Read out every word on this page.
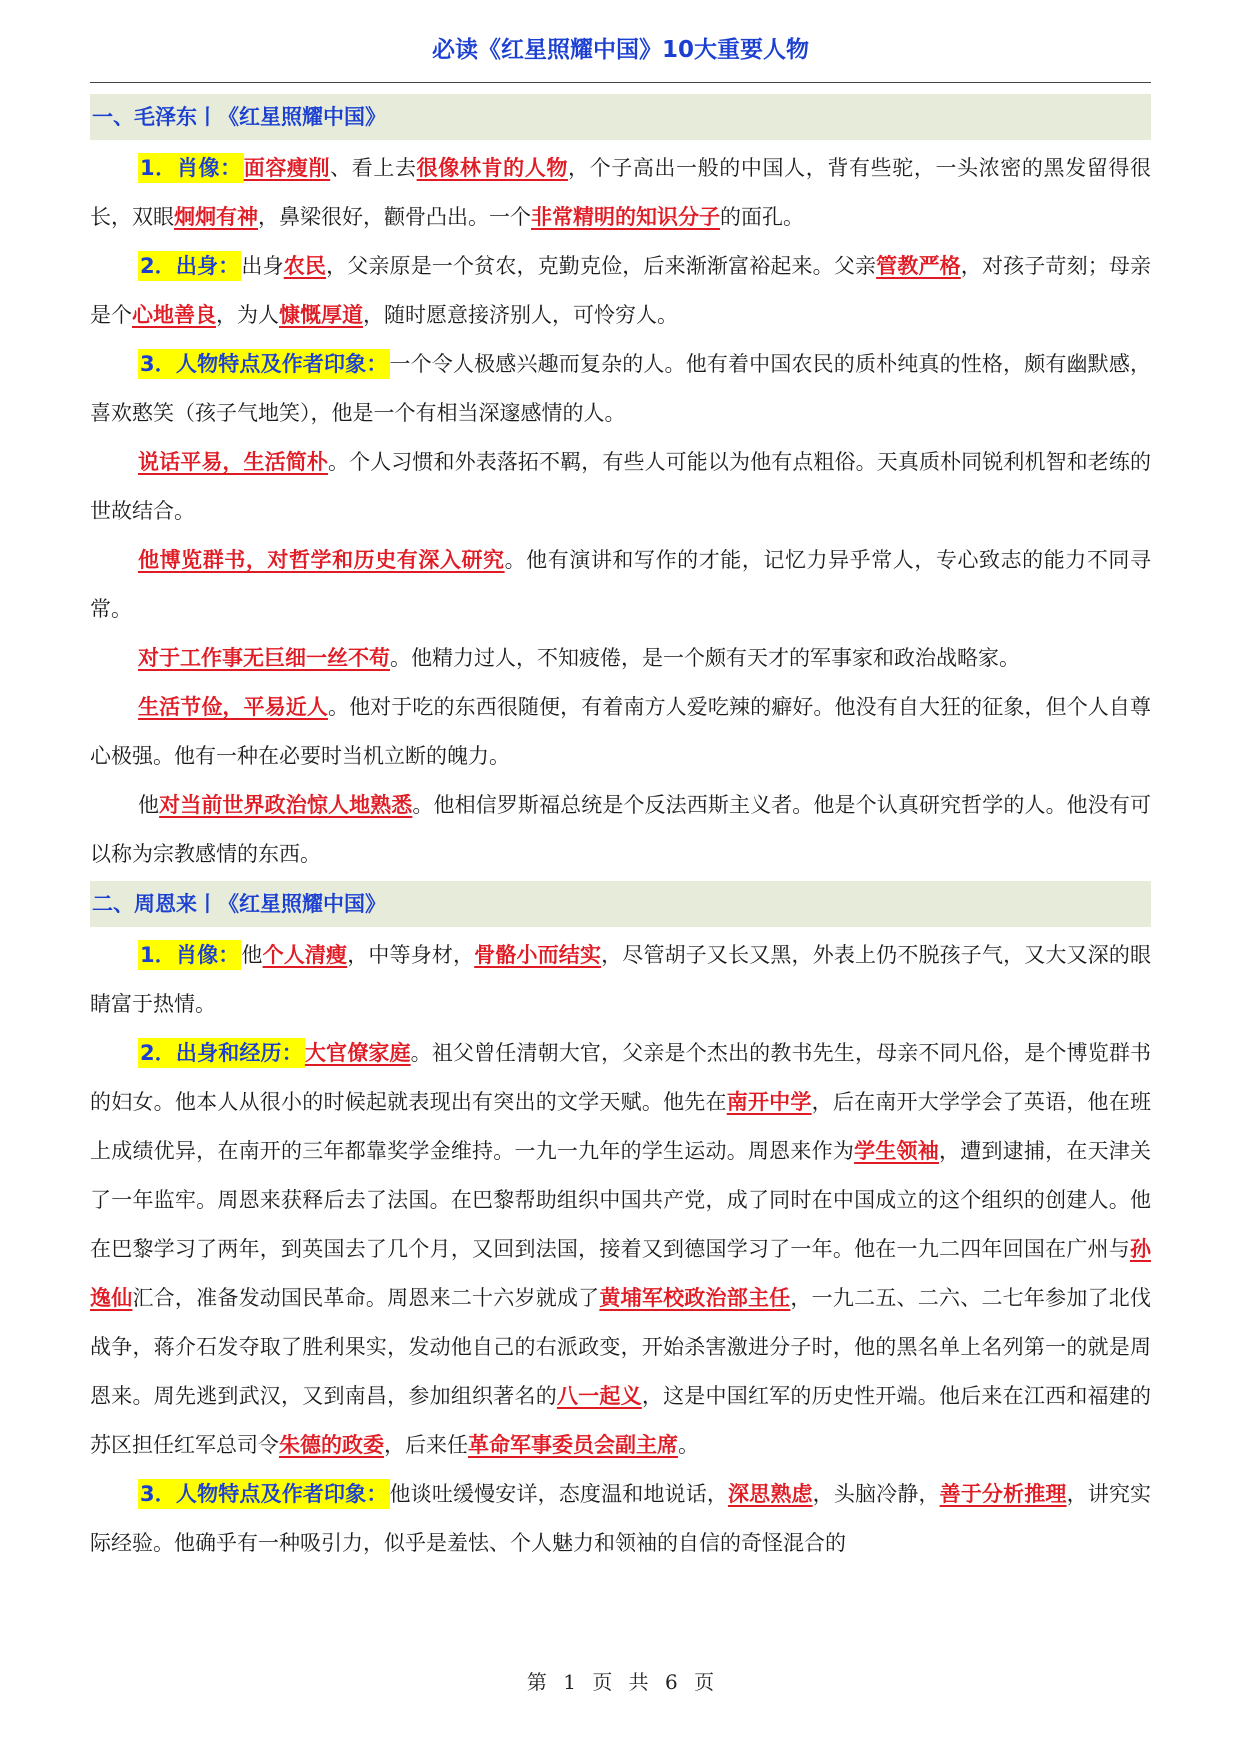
必读《红星照耀中国》10大重要人物
一、毛泽东丨《红星照耀中国》

1．肖像：面容瘦削、看上去很像林肯的人物，个子高出一般的中国人，背有些驼，一头浓密的黑发留得很长，双眼炯炯有神，鼻梁很好，颧骨凸出。一个非常精明的知识分子的面孔。

2．出身：出身农民，父亲原是一个贫农，克勤克俭，后来渐渐富裕起来。父亲管教严格，对孩子苛刻；母亲是个心地善良，为人慷慨厚道，随时愿意接济别人，可怜穷人。

3．人物特点及作者印象：一个令人极感兴趣而复杂的人。他有着中国农民的质朴纯真的性格，颇有幽默感，喜欢憨笑（孩子气地笑），他是一个有相当深邃感情的人。

说话平易，生活简朴。个人习惯和外表落拓不羁，有些人可能以为他有点粗俗。天真质朴同锐利机智和老练的世故结合。

他博览群书，对哲学和历史有深入研究。他有演讲和写作的才能，记忆力异乎常人，专心致志的能力不同寻常。

对于工作事无巨细一丝不苟。他精力过人，不知疲倦，是一个颇有天才的军事家和政治战略家。

生活节俭，平易近人。他对于吃的东西很随便，有着南方人爱吃辣的癖好。他没有自大狂的征象，但个人自尊心极强。他有一种在必要时当机立断的魄力。

他对当前世界政治惊人地熟悉。他相信罗斯福总统是个反法西斯主义者。他是个认真研究哲学的人。他没有可以称为宗教感情的东西。

二、周恩来丨《红星照耀中国》

1．肖像：他个人清瘦，中等身材，骨骼小而结实，尽管胡子又长又黑，外表上仍不脱孩子气，又大又深的眼睛富于热情。

2．出身和经历：大官僚家庭。祖父曾任清朝大官，父亲是个杰出的教书先生，母亲不同凡俗，是个博览群书的妇女。他本人从很小的时候起就表现出有突出的文学天赋。他先在南开中学，后在南开大学学会了英语，他在班上成绩优异，在南开的三年都靠奖学金维持。一九一九年的学生运动。周恩来作为学生领袖，遭到逮捕，在天津关了一年监牢。周恩来获释后去了法国。在巴黎帮助组织中国共产党，成了同时在中国成立的这个组织的创建人。他在巴黎学习了两年，到英国去了几个月，又回到法国，接着又到德国学习了一年。他在一九二四年回国在广州与孙逸仙汇合，准备发动国民革命。周恩来二十六岁就成了黄埔军校政治部主任，一九二五、二六、二七年参加了北伐战争，蒋介石发夺取了胜利果实，发动他自己的右派政变，开始杀害激进分子时，他的黑名单上名列第一的就是周恩来。周先逃到武汉，又到南昌，参加组织著名的八一起义，这是中国红军的历史性开端。他后来在江西和福建的苏区担任红军总司令朱德的政委，后来任革命军事委员会副主席。

3．人物特点及作者印象：他谈吐缓慢安详，态度温和地说话，深思熟虑，头脑冷静，善于分析推理，讲究实际经验。他确乎有一种吸引力，似乎是羞怯、个人魅力和领袖的自信的奇怪混合的

第 1 页 共 6 页
